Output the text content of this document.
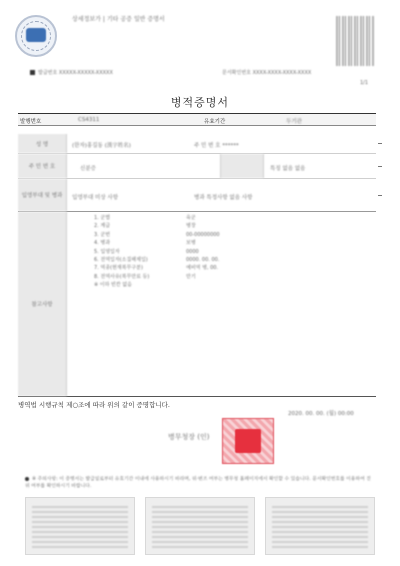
상세정보가 | 기타 공증 일반 증명서
발급번호 XXXXX-XXXXX-XXXXX	문서확인번호 XXXX-XXXX-XXXX-XXXX
1/1
병적증명서
발행번호	CS4311	유효기간	두기관
성 명	(한자)홍길동 (漢字姓名)	주 민 번 호 ******
주 민 번 호	신분증	특징 없음 없음
입영부대 및 병과	입영부대 미상 사항	병과 특정사항 없음 사항
참고사항
1. 군별	육군
2. 계급	병장
3. 군번	00-00000000
4. 병과	보병
5. 입영일자	0000
6. 전역일자(소집해제일)	0000. 00. 00.
7. 역종(현재복무구분)	예비역 병, 00.
8. 전역사유(복무만료 등)	만기
※ 이하 빈칸 없음
병역법 시행규칙 제○조에 따라 위의 같이 증명합니다.
2020. 00. 00. (월) 00:00
병무청장 (인)
※ 주의사항: 이 증명서는 발급일로부터 유효기간 이내에 사용하시기 바라며, 위·변조 여부는 병무청 홈페이지에서 확인할 수 있습니다. 문서확인번호를 이용하여 진위 여부를 확인하시기 바랍니다.
